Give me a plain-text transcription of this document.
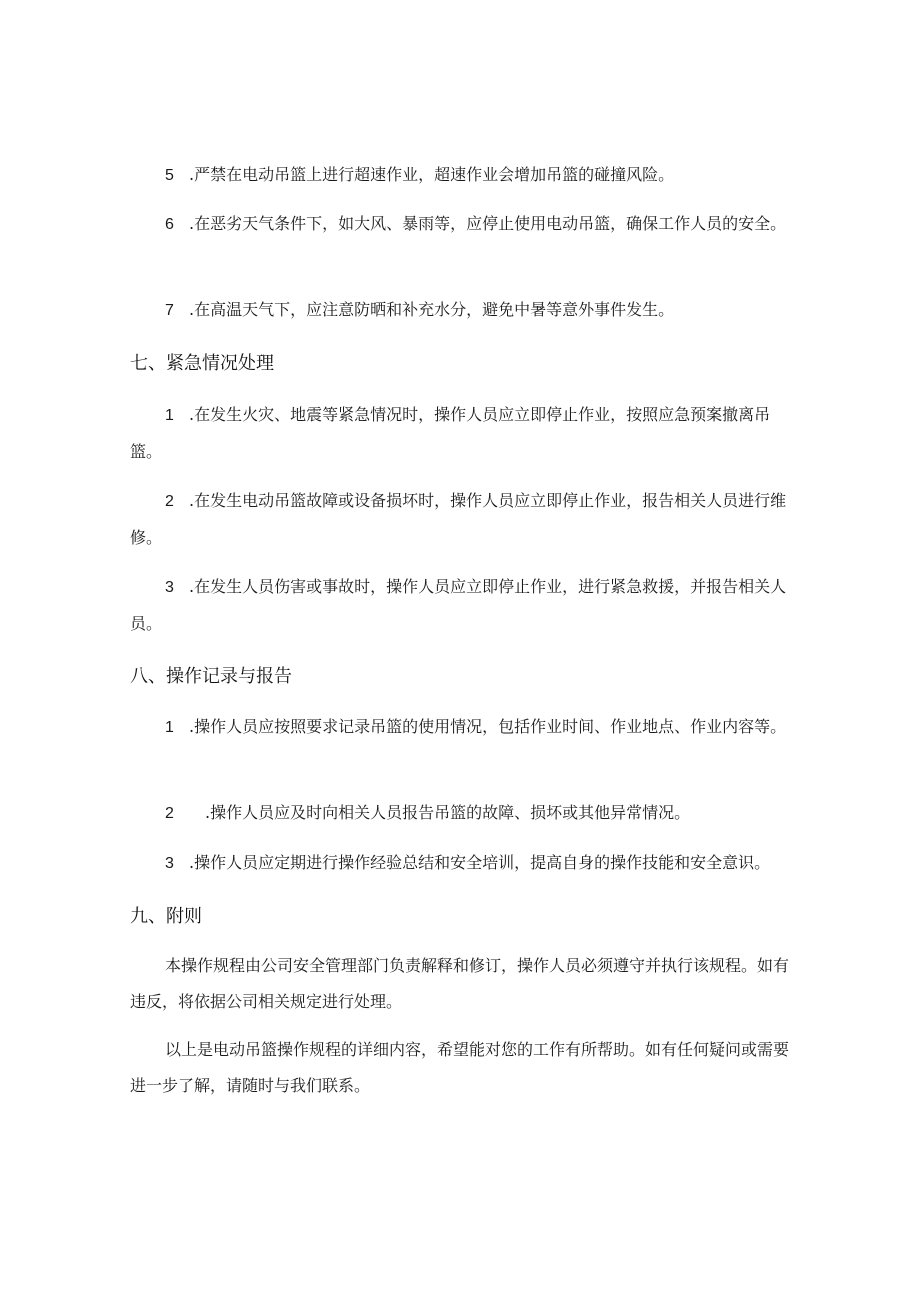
5 .严禁在电动吊篮上进行超速作业，超速作业会增加吊篮的碰撞风险。

6 .在恶劣天气条件下，如大风、暴雨等，应停止使用电动吊篮，确保工作人员的安全。

7 .在高温天气下，应注意防晒和补充水分，避免中暑等意外事件发生。

七、紧急情况处理

1 .在发生火灾、地震等紧急情况时，操作人员应立即停止作业，按照应急预案撤离吊篮。

2 .在发生电动吊篮故障或设备损坏时，操作人员应立即停止作业，报告相关人员进行维修。

3 .在发生人员伤害或事故时，操作人员应立即停止作业，进行紧急救援，并报告相关人员。

八、操作记录与报告

1 .操作人员应按照要求记录吊篮的使用情况，包括作业时间、作业地点、作业内容等。

2 .操作人员应及时向相关人员报告吊篮的故障、损坏或其他异常情况。

3 .操作人员应定期进行操作经验总结和安全培训，提高自身的操作技能和安全意识。

九、附则

本操作规程由公司安全管理部门负责解释和修订，操作人员必须遵守并执行该规程。如有违反，将依据公司相关规定进行处理。

以上是电动吊篮操作规程的详细内容，希望能对您的工作有所帮助。如有任何疑问或需要进一步了解，请随时与我们联系。
